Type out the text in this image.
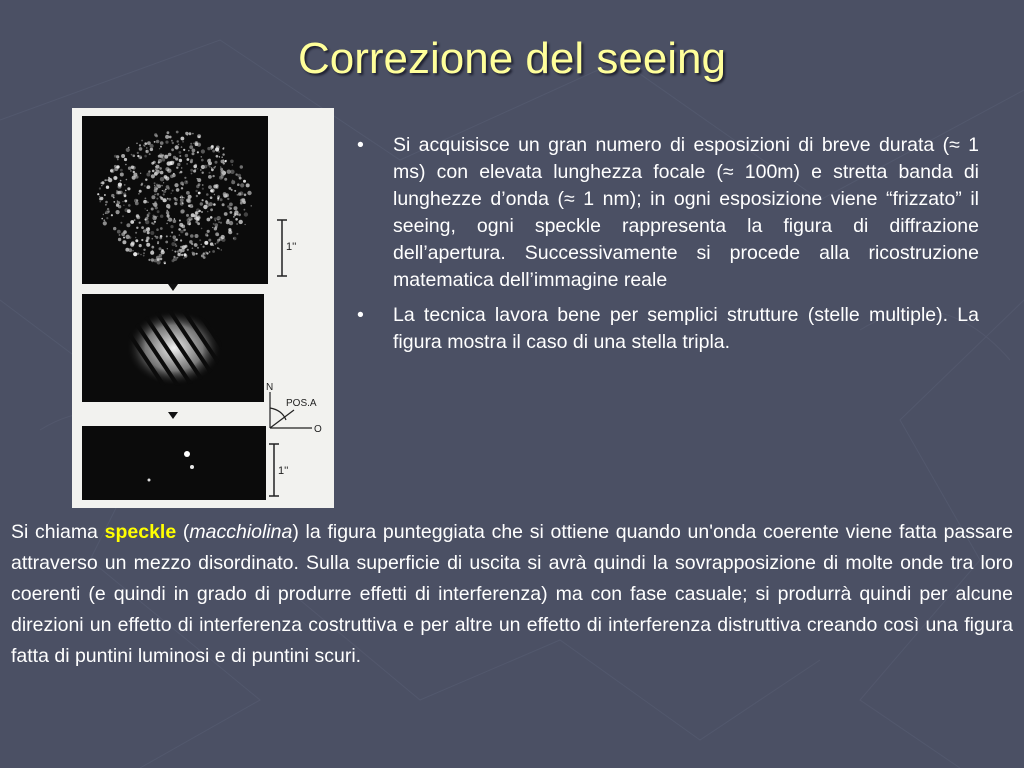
Correzione del seeing
1''
N
POS.A
O
1''
•	Si acquisisce un gran numero di esposizioni di breve durata (≈ 1 ms) con elevata lunghezza focale (≈ 100m) e stretta banda di lunghezze d’onda (≈ 1 nm); in ogni esposizione viene “frizzato” il seeing, ogni speckle rappresenta la figura di diffrazione dell’apertura. Successivamente si procede alla ricostruzione matematica dell’immagine reale
•	La tecnica lavora bene per semplici strutture (stelle multiple). La figura mostra il caso di una stella tripla.
Si chiama speckle (macchiolina) la figura punteggiata che si ottiene quando un'onda coerente viene fatta passare attraverso un mezzo disordinato. Sulla superficie di uscita si avrà quindi la sovrapposizione di molte onde tra loro coerenti (e quindi in grado di produrre effetti di interferenza) ma con fase casuale; si produrrà quindi per alcune direzioni un effetto di interferenza costruttiva e per altre un effetto di interferenza distruttiva creando così una figura fatta di puntini luminosi e di puntini scuri.
